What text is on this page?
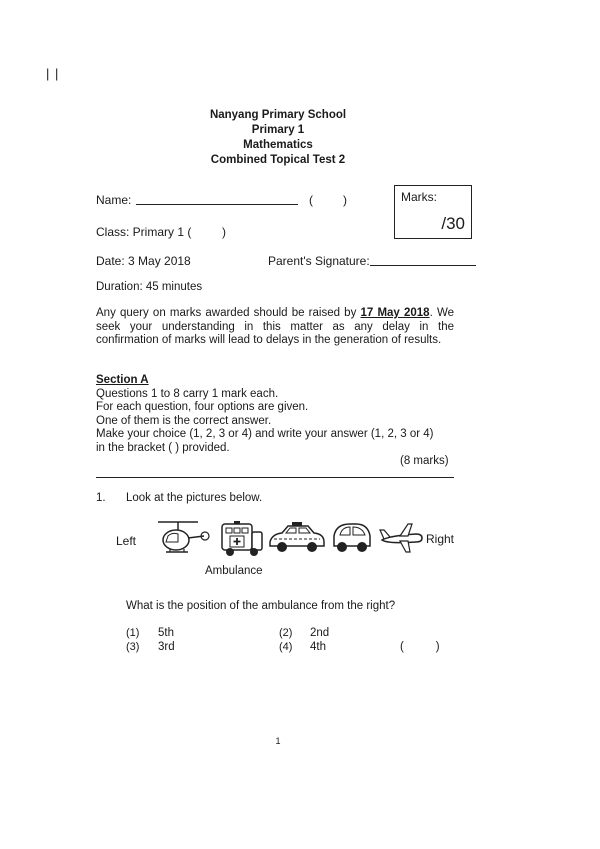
| |
Nanyang Primary School
Primary 1
Mathematics
Combined Topical Test 2
Name:	(	)	Marks:
/30
Class: Primary 1 (	)
Date: 3 May 2018	Parent's Signature:
Duration: 45 minutes
Any query on marks awarded should be raised by 17 May 2018. We seek your understanding in this matter as any delay in the confirmation of marks will lead to delays in the generation of results.
Section A
Questions 1 to 8 carry 1 mark each.
For each question, four options are given.
One of them is the correct answer.
Make your choice (1, 2, 3 or 4) and write your answer (1, 2, 3 or 4)
in the bracket ( ) provided.
(8 marks)
1. Look at the pictures below.
Left	Right
Ambulance
What is the position of the ambulance from the right?
(1) 5th	(2) 2nd
(3) 3rd	(4) 4th	(          )
1
